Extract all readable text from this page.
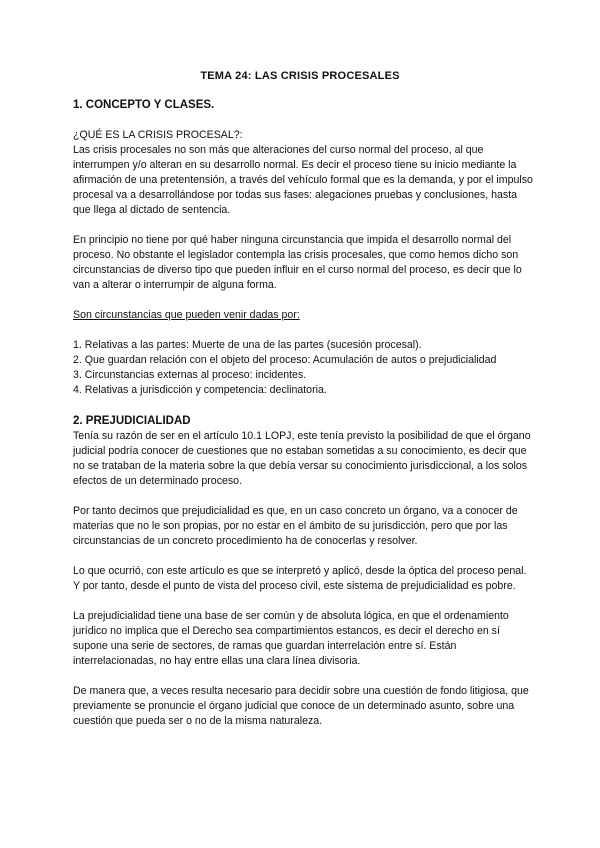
TEMA 24: LAS CRISIS PROCESALES
1. CONCEPTO Y CLASES.

¿QUÉ ES LA CRISIS PROCESAL?:

Las crisis procesales no son más que alteraciones del curso normal del proceso, al que interrumpen y/o alteran en su desarrollo normal. Es decir el proceso tiene su inicio mediante la afirmación de una pretentensión, a través del vehículo formal que es la demanda, y por el impulso procesal va a desarrollándose por todas sus fases: alegaciones pruebas y conclusiones, hasta que llega al dictado de sentencia.

En principio no tiene por qué haber ninguna circunstancia que impida el desarrollo normal del proceso. No obstante el legislador contempla las crisis procesales, que como hemos dicho son circunstancias de diverso tipo que pueden influir en el curso normal del proceso, es decir que lo van a alterar o interrumpir de alguna forma.

Son circunstancias que pueden venir dadas por:

1. Relativas a las partes: Muerte de una de las partes (sucesión procesal).
2. Que guardan relación con el objeto del proceso: Acumulación de autos o prejudicialidad
3. Circunstancias externas al proceso: incidentes.
4. Relativas a jurisdicción y competencia: declinatoria.
2. PREJUDICIALIDAD

Tenía su razón de ser en el artículo 10.1 LOPJ, este tenía previsto la posibilidad de que el órgano judicial podría conocer de cuestiones que no estaban sometidas a su conocimiento, es decir que no se trataban de la materia sobre la que debía versar su conocimiento jurisdiccional, a los solos efectos de un determinado proceso.

Por tanto decimos que prejudicialidad es que, en un caso concreto un órgano, va a conocer de materias que no le son propias, por no estar en el ámbito de su jurisdicción, pero que por las circunstancias de un concreto procedimiento ha de conocerlas y resolver.

Lo que ocurrió, con este artículo es que se interpretó y aplicó, desde la óptica del proceso penal. Y por tanto, desde el punto de vista del proceso civil, este sistema de prejudicialidad es pobre.

La prejudicialidad tiene una base de ser común y de absoluta lógica, en que el ordenamiento jurídico no implica que el Derecho sea compartimientos estancos, es decir el derecho en sí supone una serie de sectores, de ramas que guardan interrelación entre sí. Están interrelacionadas, no hay entre ellas una clara línea divisoria.

De manera que, a veces resulta necesario para decidir sobre una cuestión de fondo litigiosa, que previamente se pronuncie el órgano judicial que conoce de un determinado asunto, sobre una cuestión que pueda ser o no de la misma naturaleza.
